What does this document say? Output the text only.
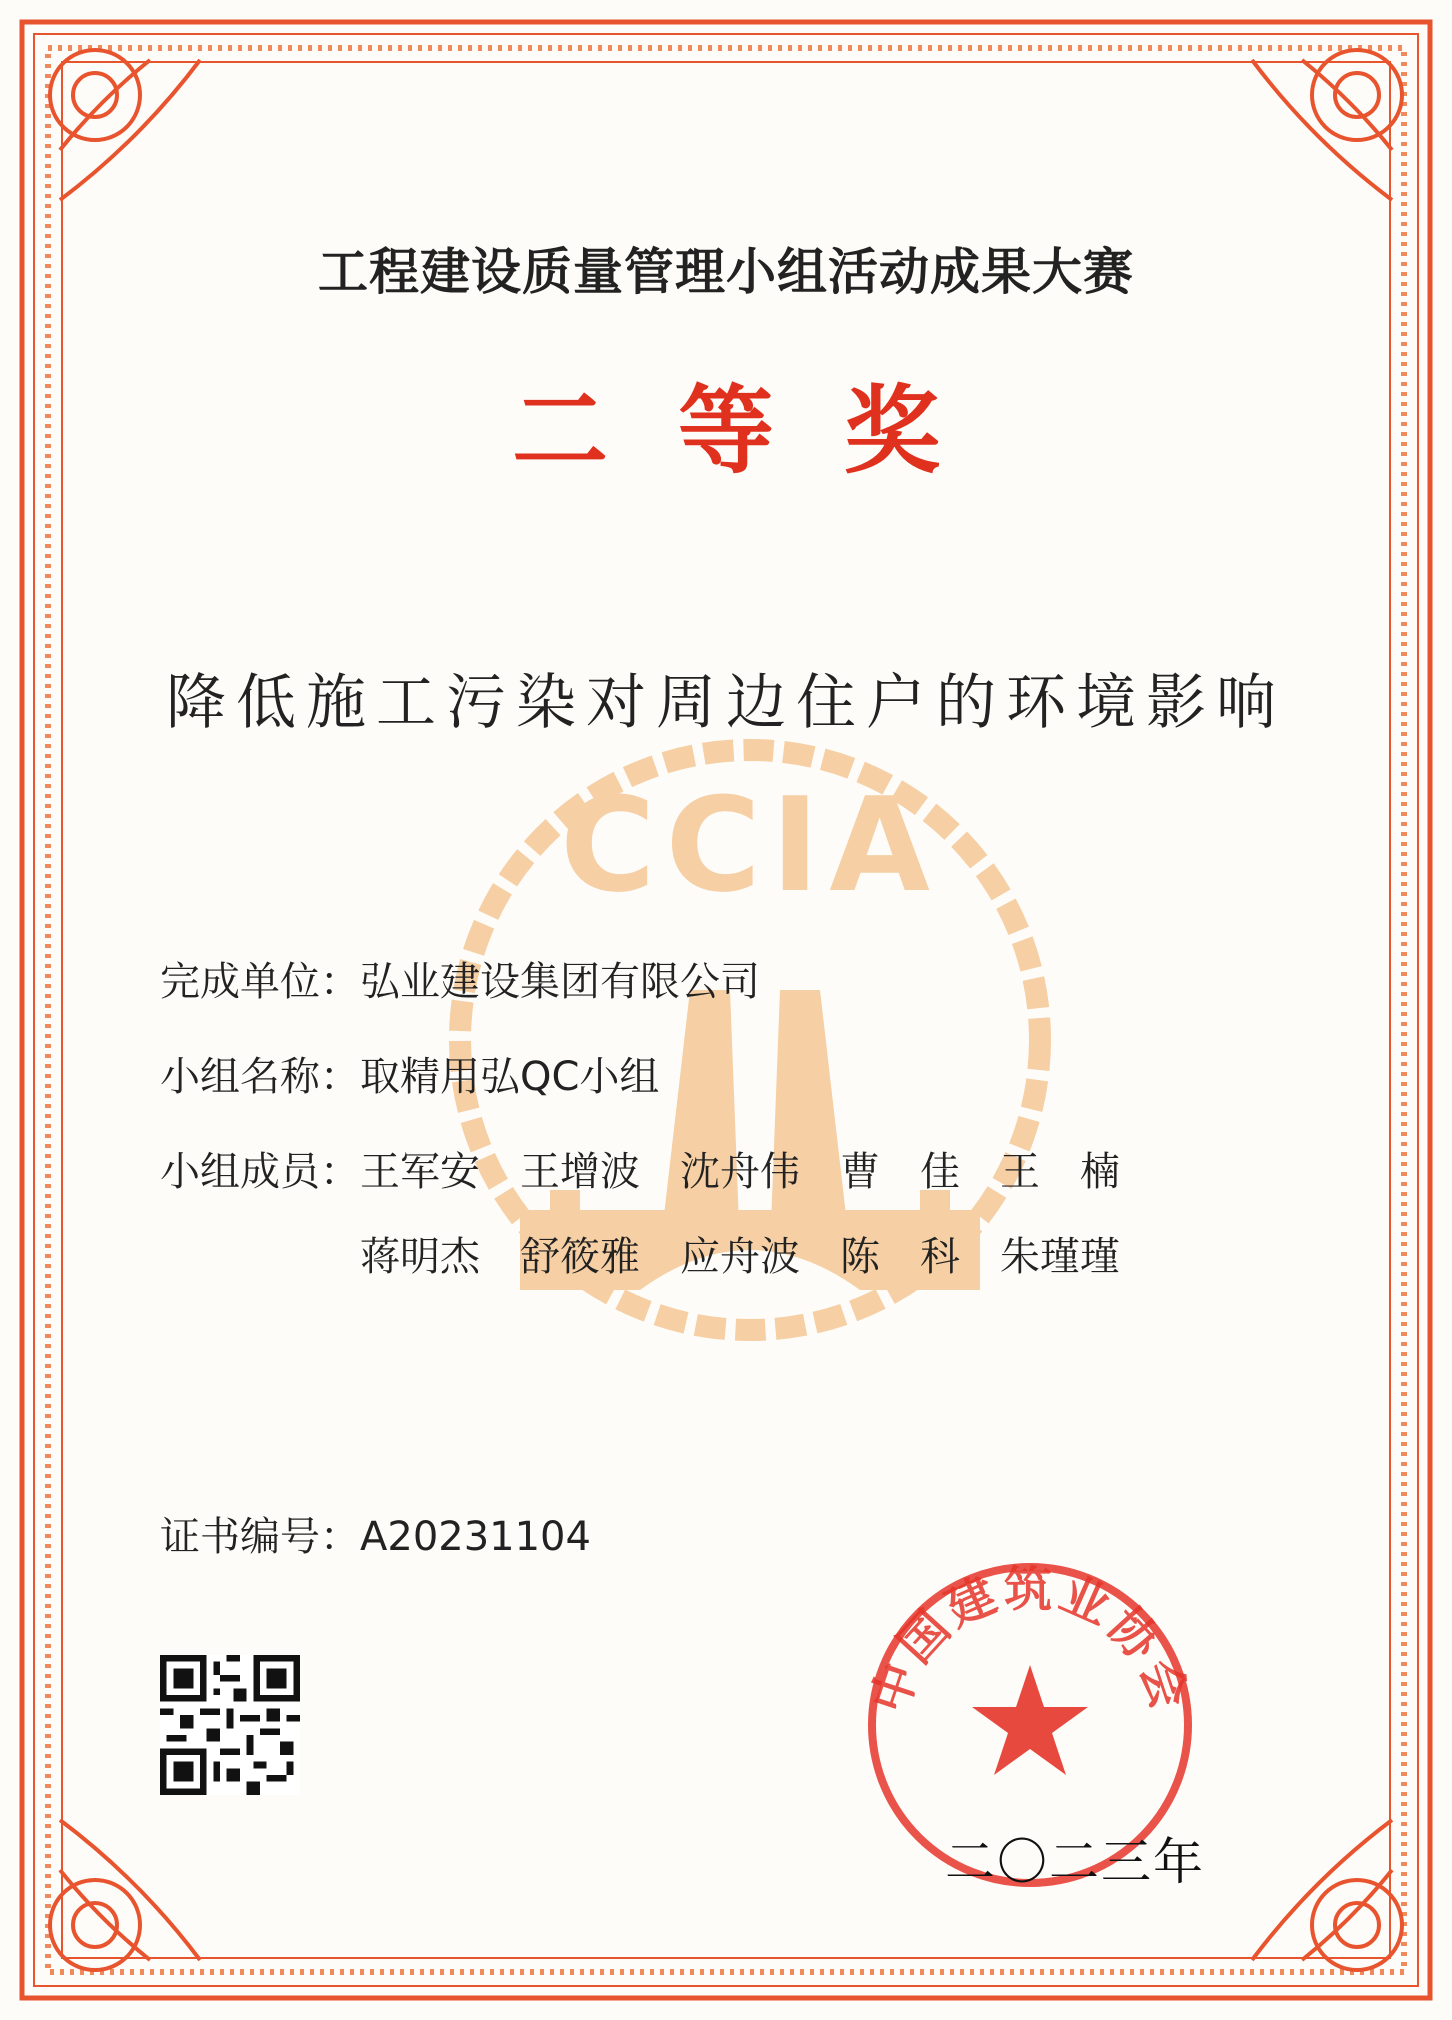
CCIA
工程建设质量管理小组活动成果大赛
二等奖
降低施工污染对周边住户的环境影响
完成单位：弘业建设集团有限公司
小组名称：取精用弘QC小组
小组成员： 王军安 王增波 沈舟伟 曹　佳 王　楠
蒋明杰 舒筱雅 应舟波 陈　科 朱瑾瑾
证书编号：A20231104
中国建筑业协会
二〇二三年
